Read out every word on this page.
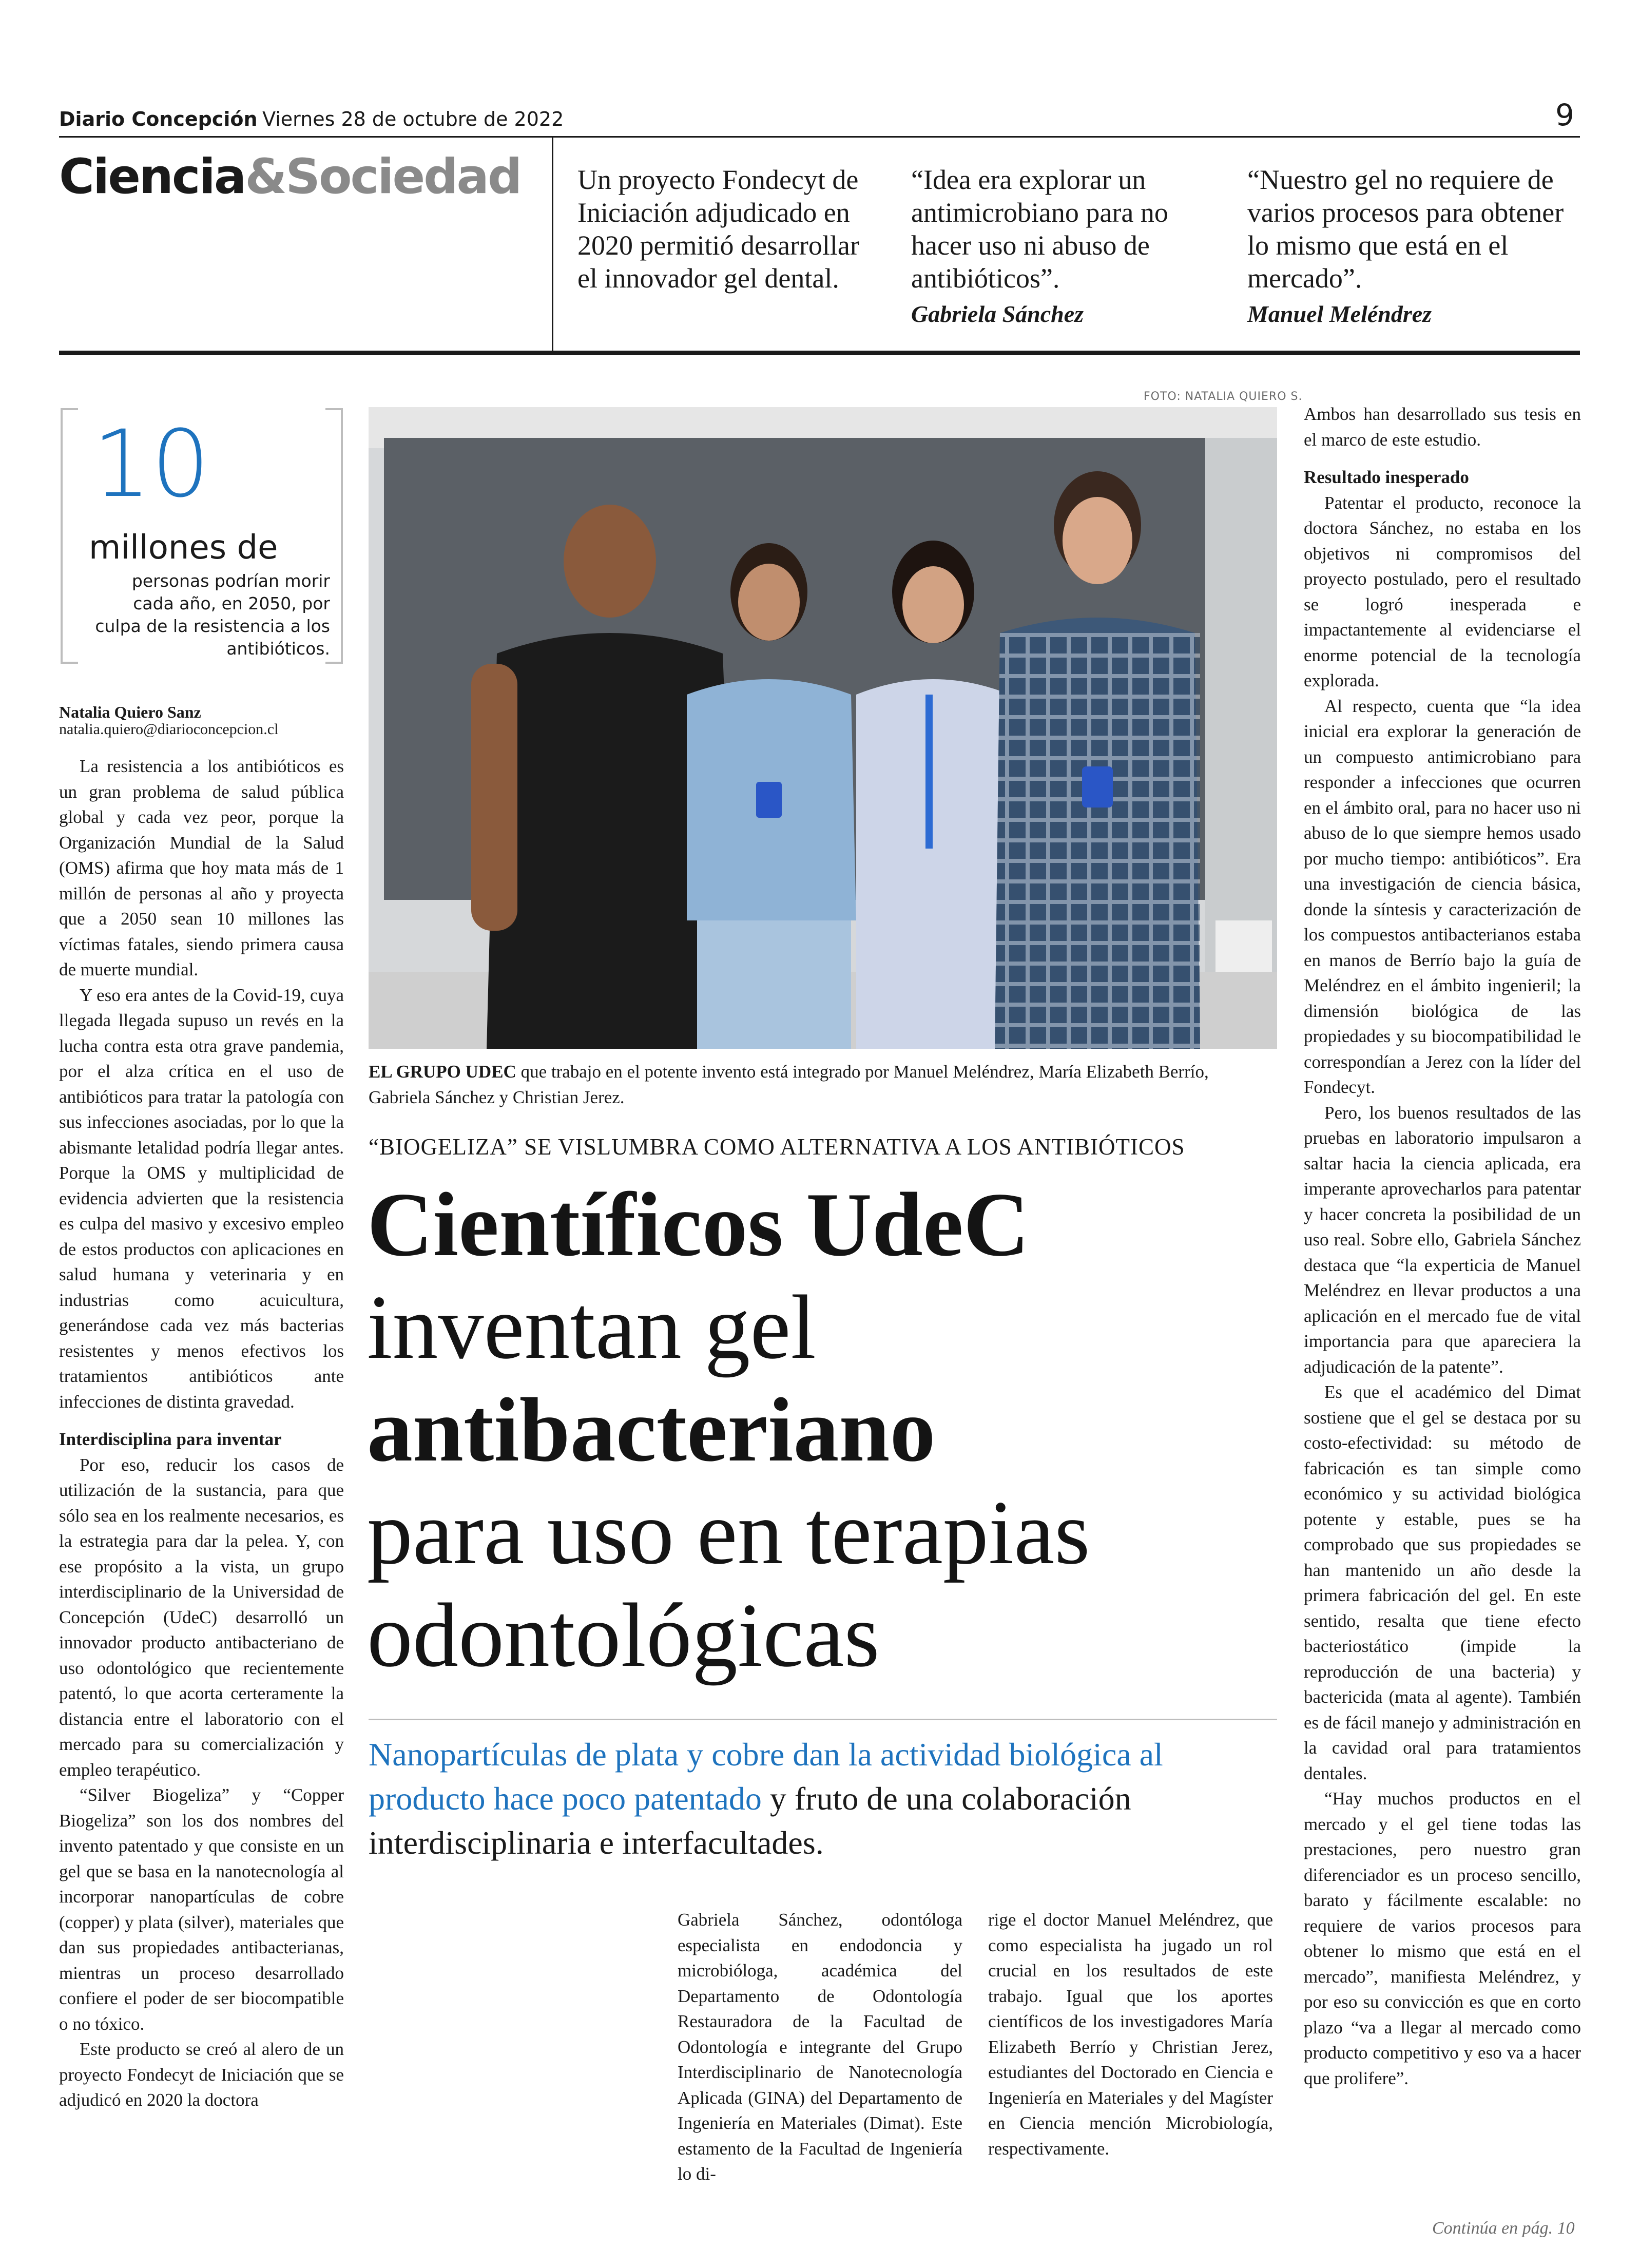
Diario Concepción Viernes 28 de octubre de 2022	9
Ciencia&Sociedad Un proyecto Fondecyt de Iniciación adjudicado en 2020 permitió desarrollar el innovador gel dental.
“Idea era explorar un antimicrobiano para no hacer uso ni abuso de antibióticos”.
Gabriela Sánchez
“Nuestro gel no requiere de varios procesos para obtener lo mismo que está en el mercado”.
Manuel Meléndrez
10
millones de
personas podrían morir cada año, en 2050, por culpa de la resistencia a los antibióticos.
Natalia Quiero Sanz
natalia.quiero@diarioconcepcion.cl

La resistencia a los antibióticos es un gran problema de salud pública global y cada vez peor, porque la Organización Mundial de la Salud (OMS) afirma que hoy mata más de 1 millón de personas al año y proyecta que a 2050 sean 10 millones las víctimas fatales, siendo primera causa de muerte mundial.

Y eso era antes de la Covid-19, cuya llegada llegada supuso un revés en la lucha contra esta otra grave pandemia, por el alza crítica en el uso de antibióticos para tratar la patología con sus infecciones asociadas, por lo que la abismante letalidad podría llegar antes. Porque la OMS y multiplicidad de evidencia advierten que la resistencia es culpa del masivo y excesivo empleo de estos productos con aplicaciones en salud humana y veterinaria y en industrias como acuicultura, generándose cada vez más bacterias resistentes y menos efectivos los tratamientos antibióticos ante infecciones de distinta gravedad.

Interdisciplina para inventar

Por eso, reducir los casos de utilización de la sustancia, para que sólo sea en los realmente necesarios, es la estrategia para dar la pelea. Y, con ese propósito a la vista, un grupo interdisciplinario de la Universidad de Concepción (UdeC) desarrolló un innovador producto antibacteriano de uso odontológico que recientemente patentó, lo que acorta certeramente la distancia entre el laboratorio con el mercado para su comercialización y empleo terapéutico.

“Silver Biogeliza” y “Copper Biogeliza” son los dos nombres del invento patentado y que consiste en un gel que se basa en la nanotecnología al incorporar nanopartículas de cobre (copper) y plata (silver), materiales que dan sus propiedades antibacterianas, mientras un proceso desarrollado confiere el poder de ser biocompatible o no tóxico.

Este producto se creó al alero de un proyecto Fondecyt de Iniciación que se adjudicó en 2020 la doctora

FOTO: NATALIA QUIERO S.
EL GRUPO UDEC que trabajo en el potente invento está integrado por Manuel Meléndrez, María Elizabeth Berrío, Gabriela Sánchez y Christian Jerez.
“BIOGELIZA” SE VISLUMBRA COMO ALTERNATIVA A LOS ANTIBIÓTICOS
Científicos UdeC
inventan gel
antibacteriano
para uso en terapias
odontológicas
Nanopartículas de plata y cobre dan la actividad biológica al producto hace poco patentado y fruto de una colaboración interdisciplinaria e interfacultades.

Gabriela Sánchez, odontóloga especialista en endodoncia y microbióloga, académica del Departamento de Odontología Restauradora de la Facultad de Odontología e integrante del Grupo Interdisciplinario de Nanotecnología Aplicada (GINA) del Departamento de Ingeniería en Materiales (Dimat). Este estamento de la Facultad de Ingeniería lo di-

rige el doctor Manuel Meléndrez, que como especialista ha jugado un rol crucial en los resultados de este trabajo. Igual que los aportes científicos de los investigadores María Elizabeth Berrío y Christian Jerez, estudiantes del Doctorado en Ciencia e Ingeniería en Materiales y del Magíster en Ciencia mención Microbiología, respectivamente.

Ambos han desarrollado sus tesis en el marco de este estudio.

Resultado inesperado

Patentar el producto, reconoce la doctora Sánchez, no estaba en los objetivos ni compromisos del proyecto postulado, pero el resultado se logró inesperada e impactantemente al evidenciarse el enorme potencial de la tecnología explorada.

Al respecto, cuenta que “la idea inicial era explorar la generación de un compuesto antimicrobiano para responder a infecciones que ocurren en el ámbito oral, para no hacer uso ni abuso de lo que siempre hemos usado por mucho tiempo: antibióticos”. Era una investigación de ciencia básica, donde la síntesis y caracterización de los compuestos antibacterianos estaba en manos de Berrío bajo la guía de Meléndrez en el ámbito ingenieril; la dimensión biológica de las propiedades y su biocompatibilidad le correspondían a Jerez con la líder del Fondecyt.

Pero, los buenos resultados de las pruebas en laboratorio impulsaron a saltar hacia la ciencia aplicada, era imperante aprovecharlos para patentar y hacer concreta la posibilidad de un uso real. Sobre ello, Gabriela Sánchez destaca que “la experticia de Manuel Meléndrez en llevar productos a una aplicación en el mercado fue de vital importancia para que apareciera la adjudicación de la patente”.

Es que el académico del Dimat sostiene que el gel se destaca por su costo-efectividad: su método de fabricación es tan simple como económico y su actividad biológica potente y estable, pues se ha comprobado que sus propiedades se han mantenido un año desde la primera fabricación del gel. En este sentido, resalta que tiene efecto bacteriostático (impide la reproducción de una bacteria) y bactericida (mata al agente). También es de fácil manejo y administración en la cavidad oral para tratamientos dentales.

“Hay muchos productos en el mercado y el gel tiene todas las prestaciones, pero nuestro gran diferenciador es un proceso sencillo, barato y fácilmente escalable: no requiere de varios procesos para obtener lo mismo que está en el mercado”, manifiesta Meléndrez, y por eso su convicción es que en corto plazo “va a llegar al mercado como producto competitivo y eso va a hacer que prolifere”.

Continúa en pág. 10
